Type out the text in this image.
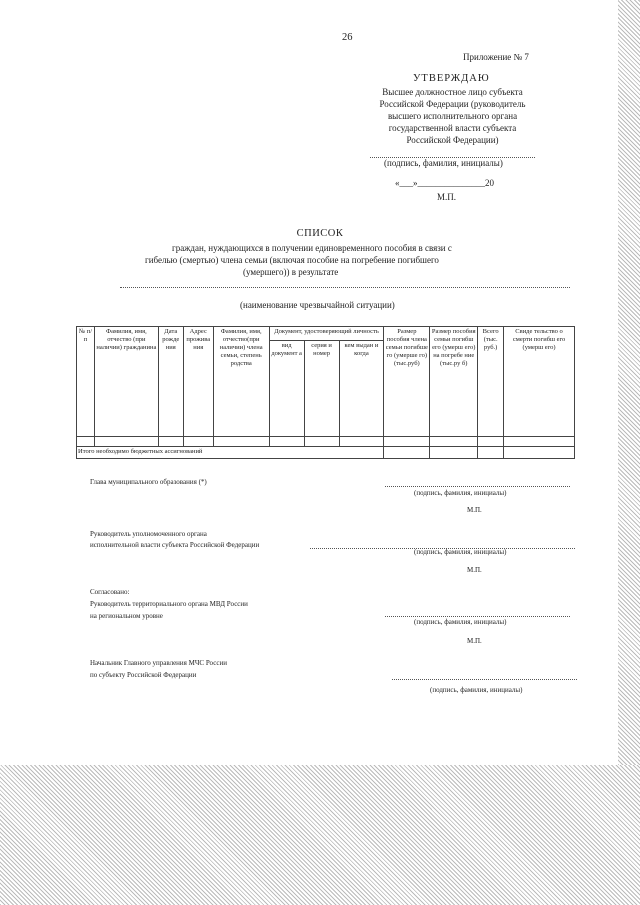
26
Приложение № 7
УТВЕРЖДАЮ
Высшее должностное лицо субъекта
Российской Федерации (руководитель
высшего исполнительного органа
государственной власти субъекта
Российской Федерации)
(подпись, фамилия, инициалы)
«___»_______________20
М.П.
СПИСОК
граждан, нуждающихся в получении единовременного пособия в связи с
гибелью (смертью) члена семьи (включая пособие на погребение погибшего
(умершего)) в результате
(наименование чрезвычайной ситуации)
№ п/п	Фамилия, имя, отчество (при наличии) гражданина	Дата рожде ния	Адрес прожива ния	Фамилия, имя, отчество(при наличии) члена семьи, степень родства	Документ, удостоверяющий личность			Размер пособия члена семьи погибше го (умерше го) (тыс.руб)	Размер пособия семьи погибш его (умерш его) на погребе ние (тыс.ру б)	Всего (тыс. руб.)	Свиде тельство о смерти погибш его (умерш его)
					вид документ а	серия и номер	кем выдан и когда				

Итого необходимо бюджетных ассигнований											
Глава муниципального образования (*)
(подпись, фамилия, инициалы)
М.П.
Руководитель уполномоченного органа
исполнительной власти субъекта Российской Федерации
(подпись, фамилия, инициалы)
М.П.
Согласовано:
Руководитель территориального органа МВД России
на региональном уровне
(подпись, фамилия, инициалы)
М.П.
Начальник Главного управления МЧС России
по субъекту Российской Федерации
(подпись, фамилия, инициалы)
